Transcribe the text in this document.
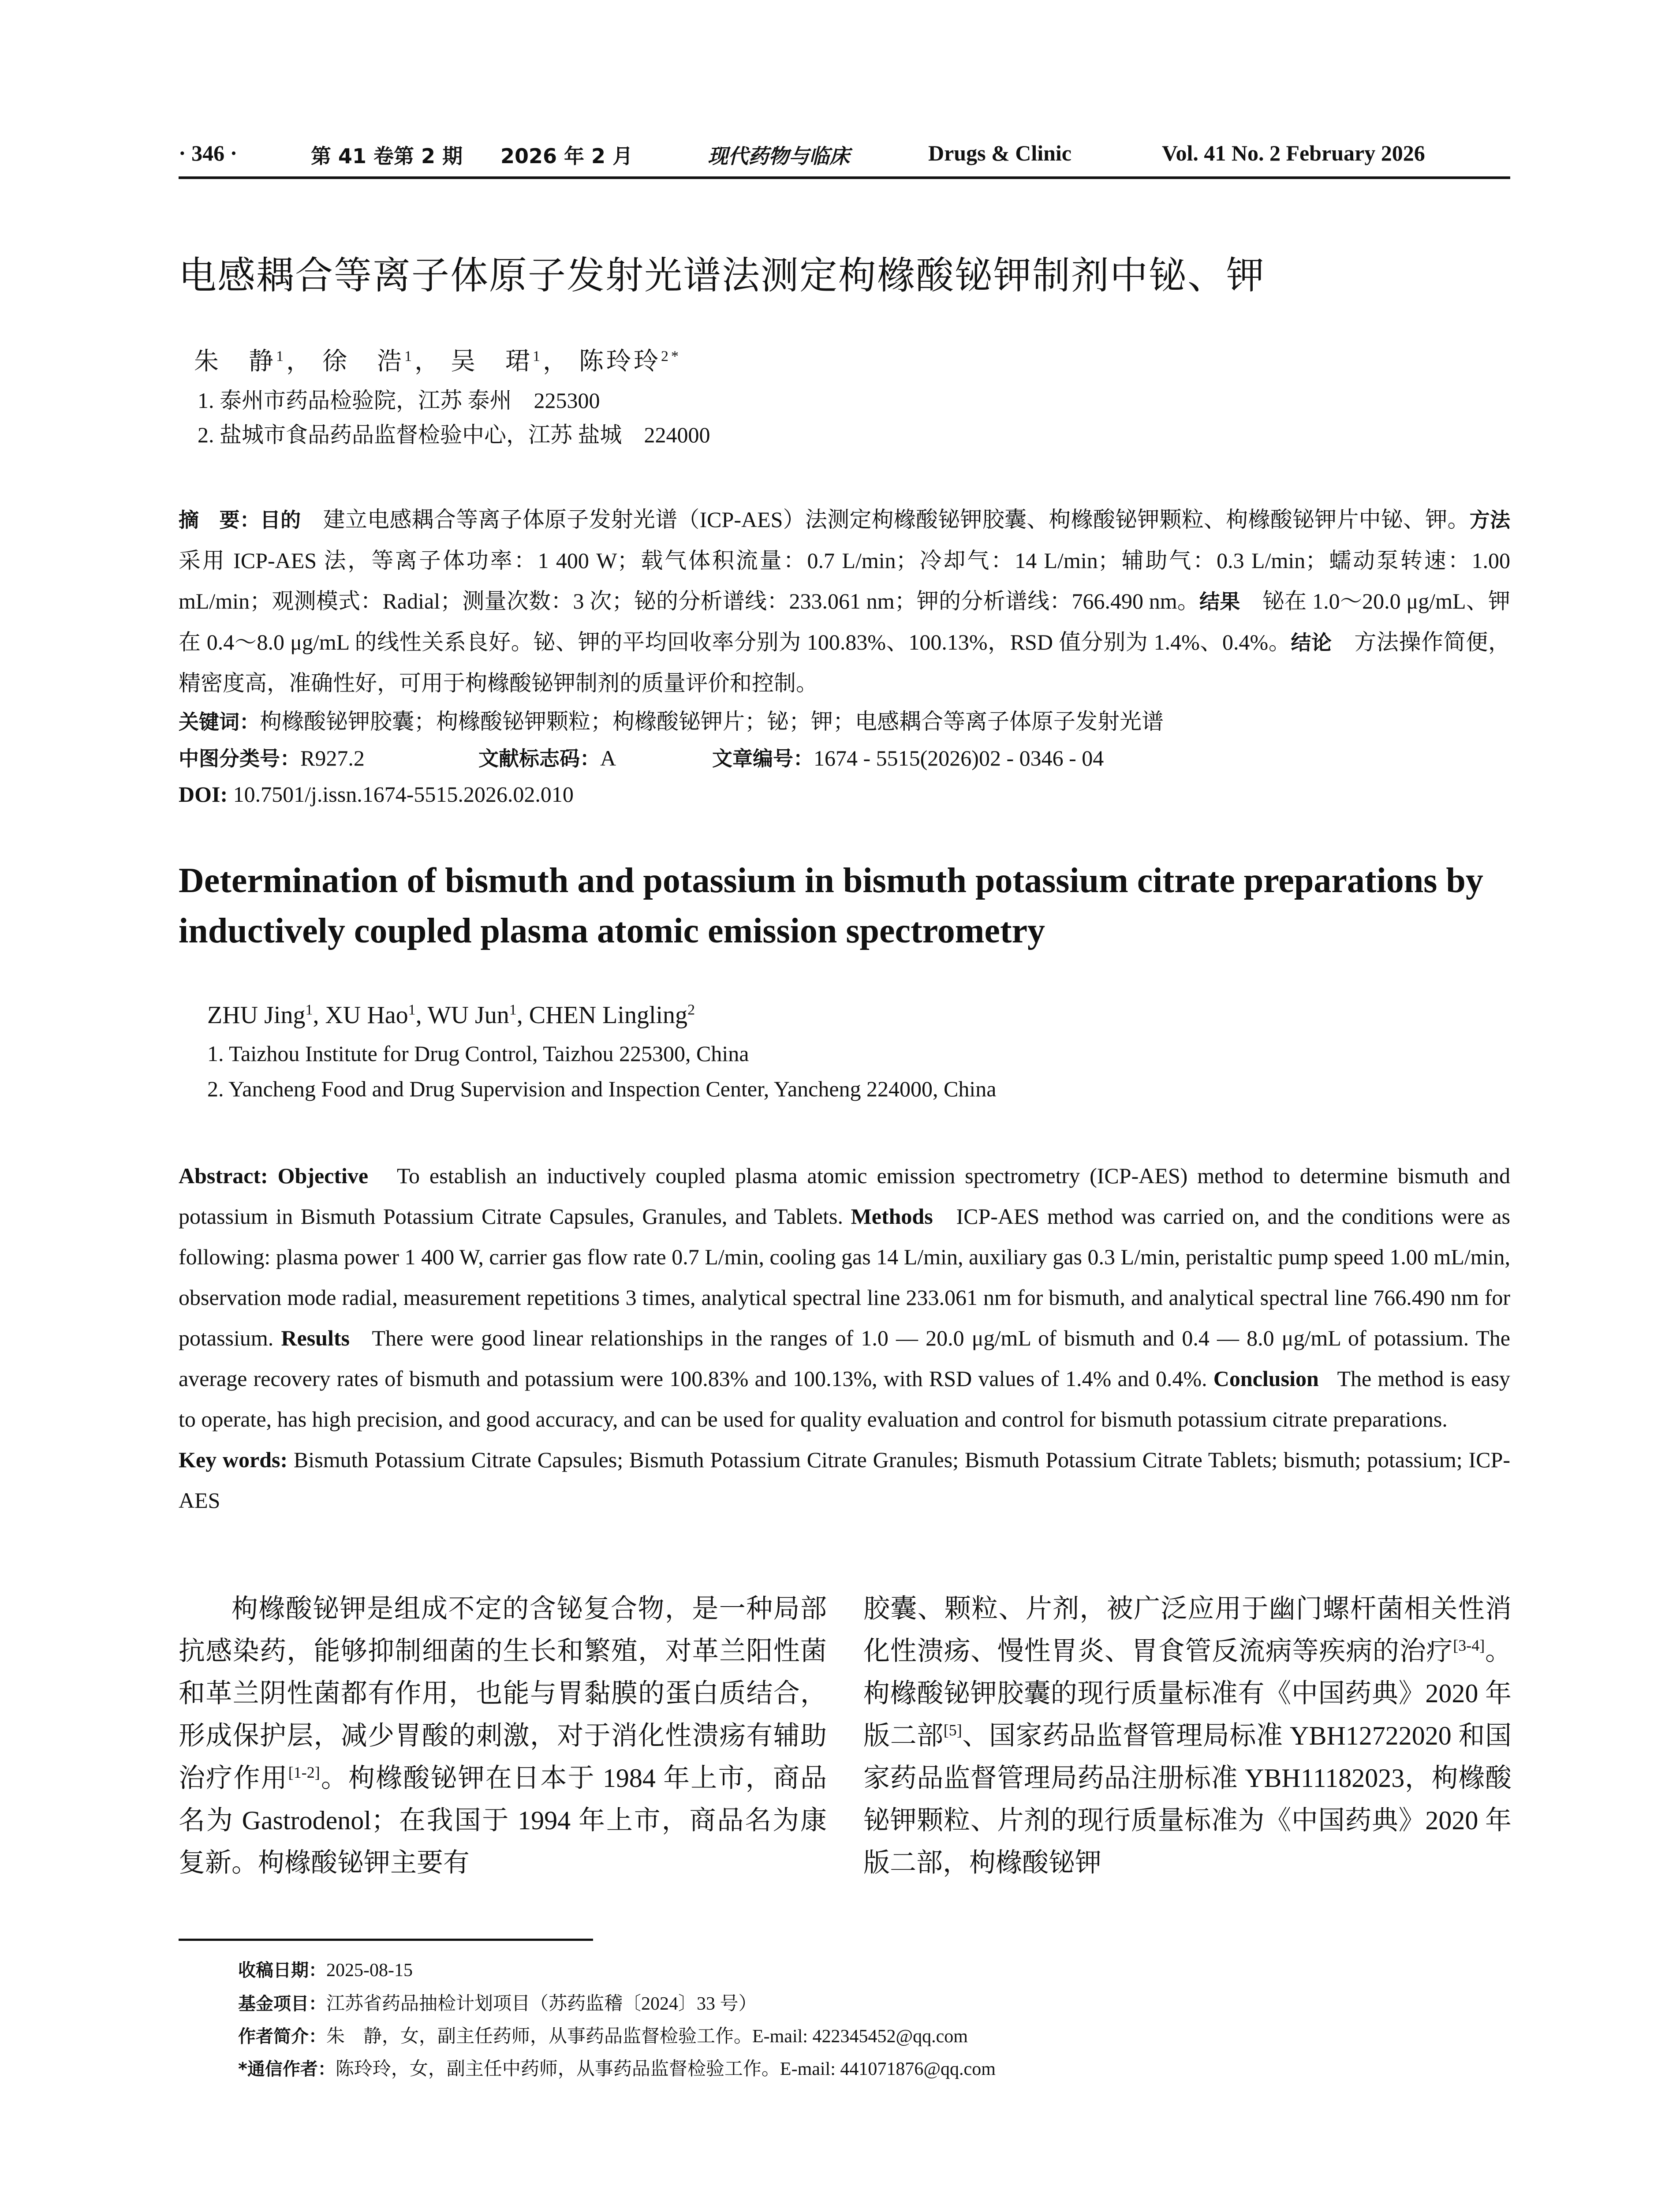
· 346 ·	第 41 卷第 2 期 2026 年 2 月	现代药物与临床	Drugs & Clinic	Vol. 41 No. 2 February 2026
电感耦合等离子体原子发射光谱法测定枸橼酸铋钾制剂中铋、钾
朱　静$^1$， 徐　浩$^1$， 吴　珺$^1$， 陈玲玲$^{2*}$
1. 泰州市药品检验院，江苏 泰州　225300
2. 盐城市食品药品监督检验中心，江苏 盐城　224000
摘　要：目的　 建立电感耦合等离子体原子发射光谱（ICP-AES）法测定枸橼酸铋钾胶囊、枸橼酸铋钾颗粒、枸橼酸铋钾片中铋、钾。方法　采用 ICP-AES 法，等离子体功率：1 400 W；载气体积流量：0.7 L/min；冷却气：14 L/min；辅助气：0.3 L/min；蠕动泵转速：1.00 mL/min；观测模式：Radial；测量次数：3 次；铋的分析谱线：233.061 nm；钾的分析谱线：766.490 nm。结果　 铋在 1.0～20.0 μg/mL、钾在 0.4～8.0 μg/mL 的线性关系良好。铋、钾的平均回收率分别为 100.83%、100.13%，RSD 值分别为 1.4%、0.4%。结论　 方法操作简便，精密度高，准确性好，可用于枸橼酸铋钾制剂的质量评价和控制。
关键词：枸橼酸铋钾胶囊；枸橼酸铋钾颗粒；枸橼酸铋钾片；铋；钾；电感耦合等离子体原子发射光谱
中图分类号：R927.2	文献标志码：A	文章编号：1674 - 5515(2026)02 - 0346 - 04
DOI: 10.7501/j.issn.1674-5515.2026.02.010
Determination of bismuth and potassium in bismuth potassium citrate preparations by inductively coupled plasma atomic emission spectrometry
ZHU Jing$^1$, XU Hao$^1$, WU Jun$^1$, CHEN Lingling$^2$
1. Taizhou Institute for Drug Control, Taizhou 225300, China
2. Yancheng Food and Drug Supervision and Inspection Center, Yancheng 224000, China
Abstract: Objective To establish an inductively coupled plasma atomic emission spectrometry (ICP-AES) method to determine bismuth and potassium in Bismuth Potassium Citrate Capsules, Granules, and Tablets. Methods ICP-AES method was carried on, and the conditions were as following: plasma power 1 400 W, carrier gas flow rate 0.7 L/min, cooling gas 14 L/min, auxiliary gas 0.3 L/min, peristaltic pump speed 1.00 mL/min, observation mode radial, measurement repetitions 3 times, analytical spectral line 233.061 nm for bismuth, and analytical spectral line 766.490 nm for potassium. Results There were good linear relationships in the ranges of 1.0 — 20.0 μg/mL of bismuth and 0.4 — 8.0 μg/mL of potassium. The average recovery rates of bismuth and potassium were 100.83% and 100.13%, with RSD values of 1.4% and 0.4%. Conclusion The method is easy to operate, has high precision, and good accuracy, and can be used for quality evaluation and control for bismuth potassium citrate preparations.
Key words: Bismuth Potassium Citrate Capsules; Bismuth Potassium Citrate Granules; Bismuth Potassium Citrate Tablets; bismuth; potassium; ICP-AES
枸橼酸铋钾是组成不定的含铋复合物，是一种局部抗感染药，能够抑制细菌的生长和繁殖，对革兰阳性菌和革兰阴性菌都有作用，也能与胃黏膜的蛋白质结合，形成保护层，减少胃酸的刺激，对于消化性溃疡有辅助治疗作用[1-2]。枸橼酸铋钾在日本于 1984 年上市，商品名为 Gastrodenol；在我国于 1994 年上市，商品名为康复新。枸橼酸铋钾主要有
胶囊、颗粒、片剂，被广泛应用于幽门螺杆菌相关性消化性溃疡、慢性胃炎、胃食管反流病等疾病的治疗[3-4]。枸橼酸铋钾胶囊的现行质量标准有《中国药典》2020 年版二部[5]、国家药品监督管理局标准 YBH12722020 和国家药品监督管理局药品注册标准 YBH11182023，枸橼酸铋钾颗粒、片剂的现行质量标准为《中国药典》2020 年版二部，枸橼酸铋钾
收稿日期：2025-08-15
基金项目：江苏省药品抽检计划项目（苏药监稽〔2024〕33 号）
作者简介：朱　静，女，副主任药师，从事药品监督检验工作。E-mail: 422345452@qq.com
*通信作者：陈玲玲，女，副主任中药师，从事药品监督检验工作。E-mail: 441071876@qq.com
